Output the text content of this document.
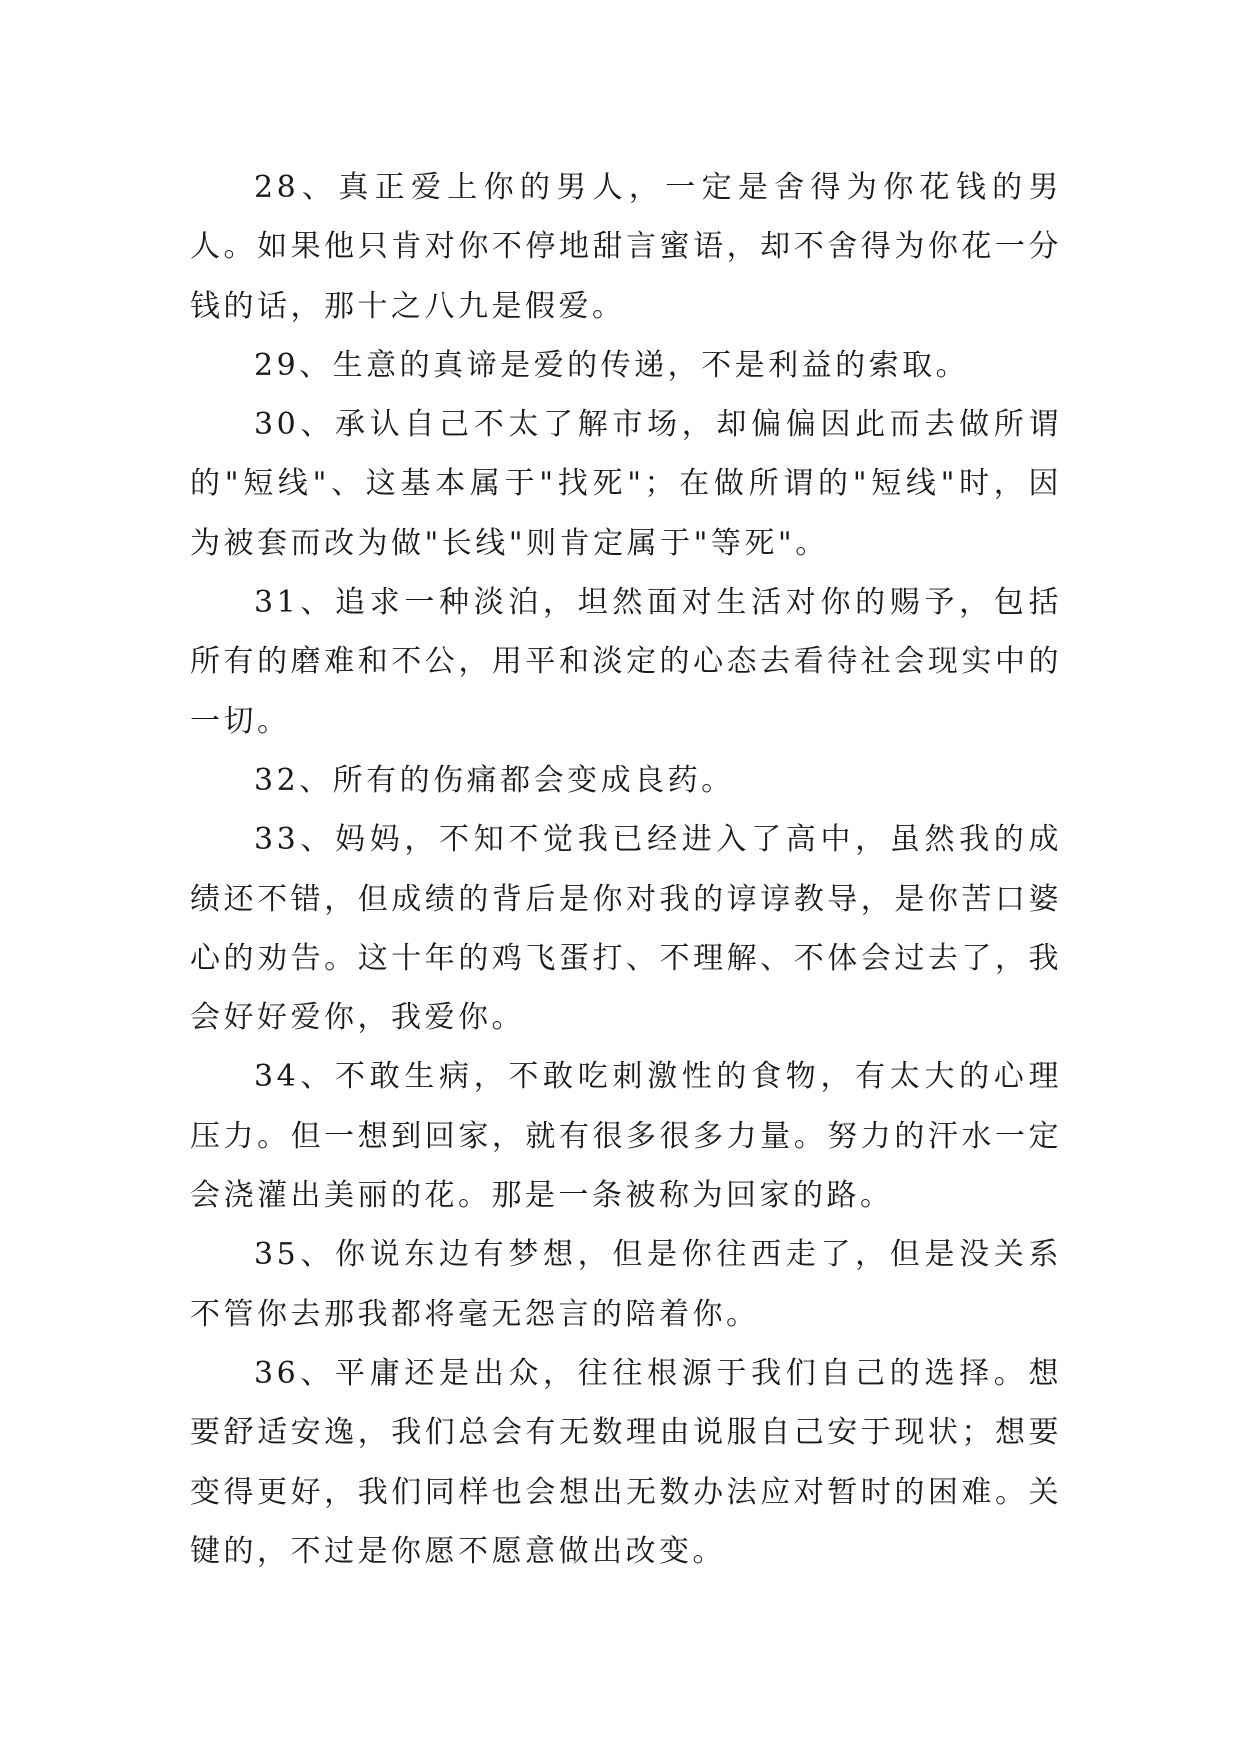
28、真正爱上你的男人，一定是舍得为你花钱的男人。如果他只肯对你不停地甜言蜜语，却不舍得为你花一分钱的话，那十之八九是假爱。

29、生意的真谛是爱的传递，不是利益的索取。

30、承认自己不太了解市场，却偏偏因此而去做所谓的"短线"、这基本属于"找死"；在做所谓的"短线"时，因为被套而改为做"长线"则肯定属于"等死"。

31、追求一种淡泊，坦然面对生活对你的赐予，包括所有的磨难和不公，用平和淡定的心态去看待社会现实中的一切。

32、所有的伤痛都会变成良药。

33、妈妈，不知不觉我已经进入了高中，虽然我的成绩还不错，但成绩的背后是你对我的谆谆教导，是你苦口婆心的劝告。这十年的鸡飞蛋打、不理解、不体会过去了，我会好好爱你，我爱你。

34、不敢生病，不敢吃刺激性的食物，有太大的心理压力。但一想到回家，就有很多很多力量。努力的汗水一定会浇灌出美丽的花。那是一条被称为回家的路。

35、你说东边有梦想，但是你往西走了，但是没关系不管你去那我都将毫无怨言的陪着你。

36、平庸还是出众，往往根源于我们自己的选择。想要舒适安逸，我们总会有无数理由说服自己安于现状；想要变得更好，我们同样也会想出无数办法应对暂时的困难。关键的，不过是你愿不愿意做出改变。
